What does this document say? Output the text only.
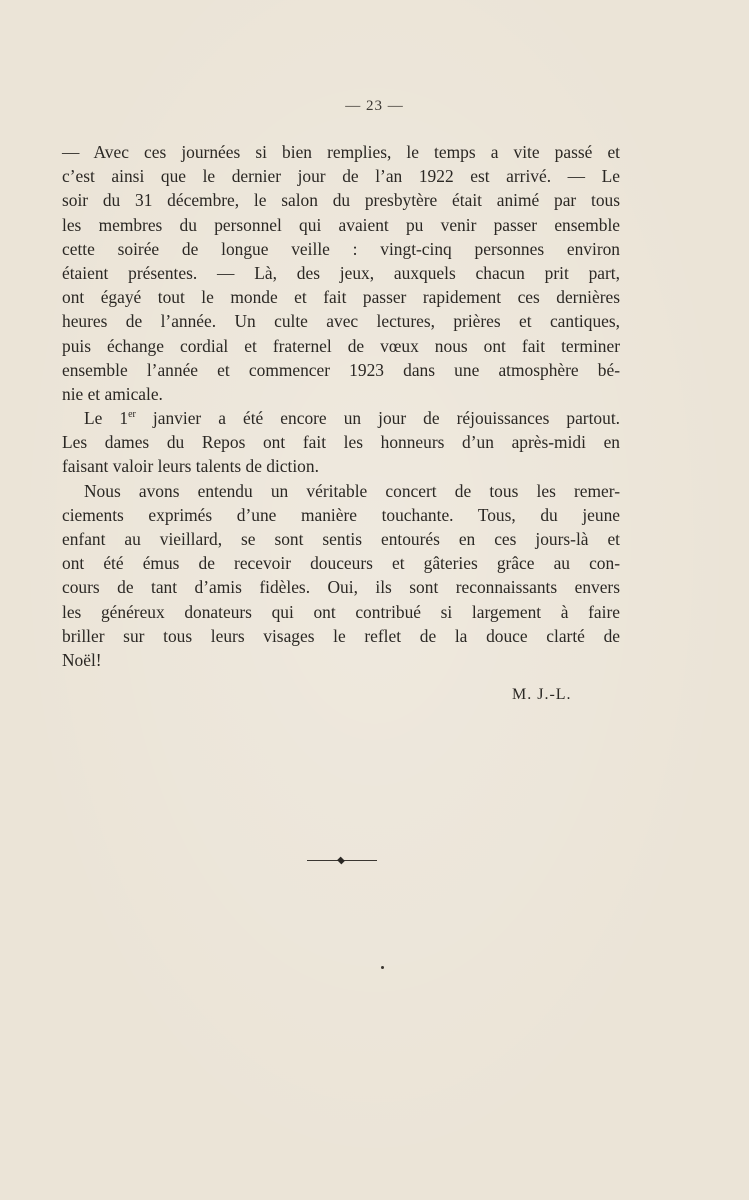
— 23 —
— Avec ces journées si bien remplies, le temps a vite passé et
c’est ainsi que le dernier jour de l’an 1922 est arrivé. — Le
soir du 31 décembre, le salon du presbytère était animé par tous
les membres du personnel qui avaient pu venir passer ensemble
cette soirée de longue veille : vingt-cinq personnes environ
étaient présentes. — Là, des jeux, auxquels chacun prit part,
ont égayé tout le monde et fait passer rapidement ces dernières
heures de l’année. Un culte avec lectures, prières et cantiques,
puis échange cordial et fraternel de vœux nous ont fait terminer
ensemble l’année et commencer 1923 dans une atmosphère bé-
nie et amicale.
Le 1er janvier a été encore un jour de réjouissances partout.
Les dames du Repos ont fait les honneurs d’un après-midi en
faisant valoir leurs talents de diction.
Nous avons entendu un véritable concert de tous les remer-
ciements exprimés d’une manière touchante. Tous, du jeune
enfant au vieillard, se sont sentis entourés en ces jours-là et
ont été émus de recevoir douceurs et gâteries grâce au con-
cours de tant d’amis fidèles. Oui, ils sont reconnaissants envers
les généreux donateurs qui ont contribué si largement à faire
briller sur tous leurs visages le reflet de la douce clarté de
Noël!
M. J.-L.
